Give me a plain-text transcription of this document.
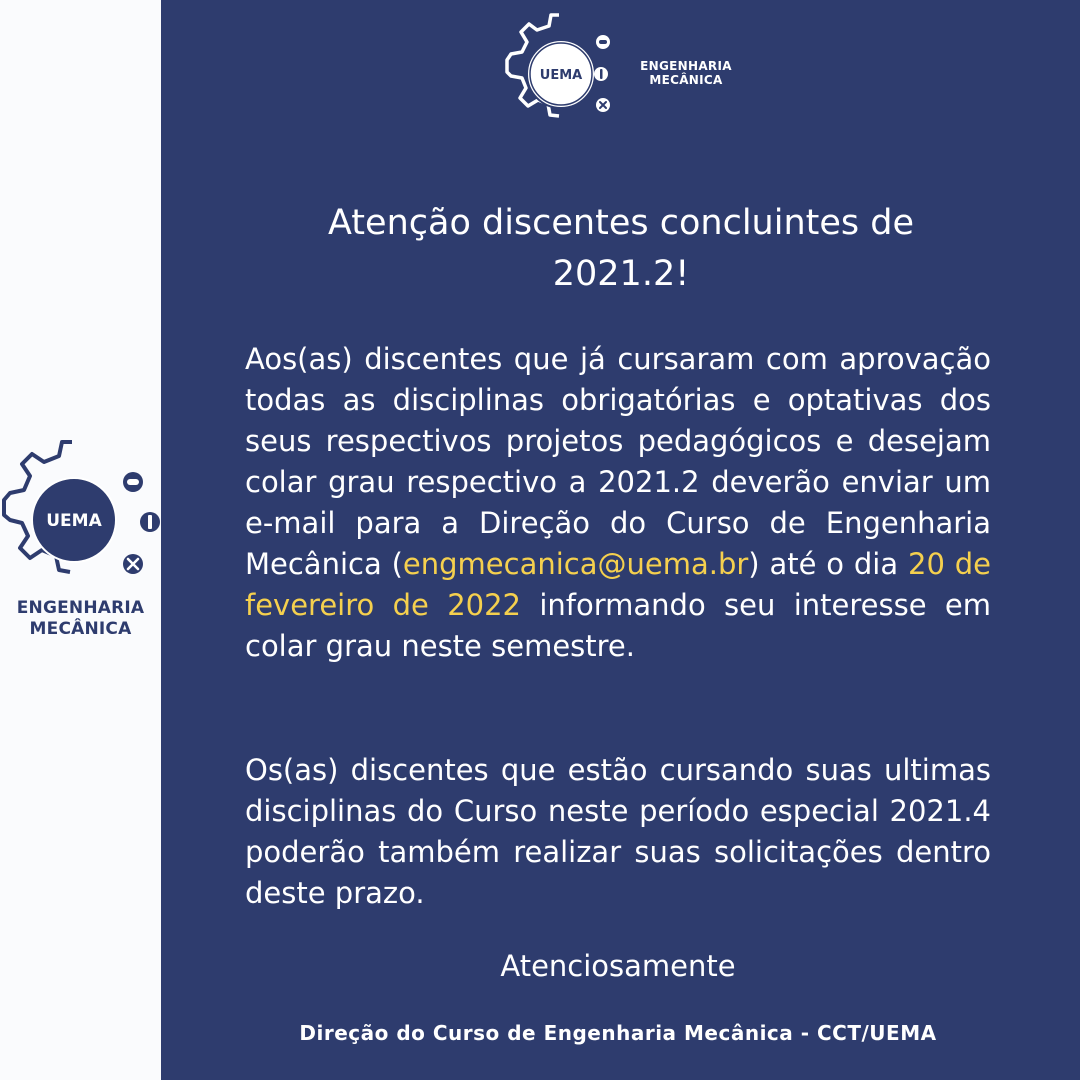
UEMA
ENGENHARIA
MECÂNICA
UEMA
ENGENHARIA
MECÂNICA
Atenção discentes concluintes de
2021.2!
Aos(as) discentes que já cursaram com aprovação todas as disciplinas obrigatórias e optativas dos seus respectivos projetos pedagógicos e desejam colar grau respectivo a 2021.2 deverão enviar um e-mail para a Direção do Curso de Engenharia Mecânica (engmecanica@uema.br) até o dia 20 de fevereiro de 2022 informando seu interesse em colar grau neste semestre.
Os(as) discentes que estão cursando suas ultimas disciplinas do Curso neste período especial 2021.4 poderão também realizar suas solicitações dentro deste prazo.
Atenciosamente
Direção do Curso de Engenharia Mecânica - CCT/UEMA
